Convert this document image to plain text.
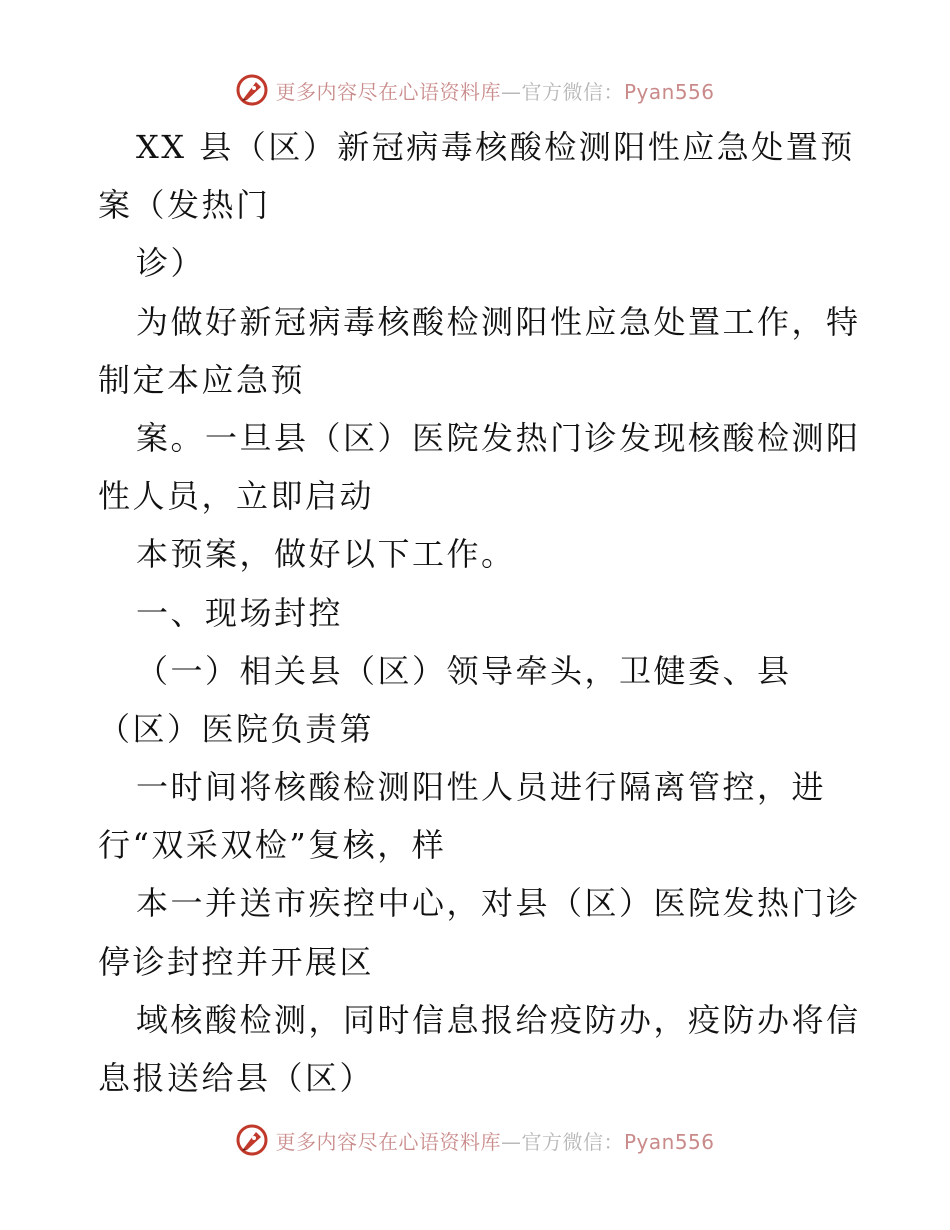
更多内容尽在心语资料库—官方微信：Pyan556
XX 县（区）新冠病毒核酸检测阳性应急处置预
案（发热门
诊）
为做好新冠病毒核酸检测阳性应急处置工作，特
制定本应急预
案。一旦县（区）医院发热门诊发现核酸检测阳
性人员，立即启动
本预案，做好以下工作。
一、现场封控
（一）相关县（区）领导牵头，卫健委、县
（区）医院负责第
一时间将核酸检测阳性人员进行隔离管控，进
行“双采双检”复核，样
本一并送市疾控中心，对县（区）医院发热门诊
停诊封控并开展区
域核酸检测，同时信息报给疫防办，疫防办将信
息报送给县（区）
更多内容尽在心语资料库—官方微信：Pyan556
